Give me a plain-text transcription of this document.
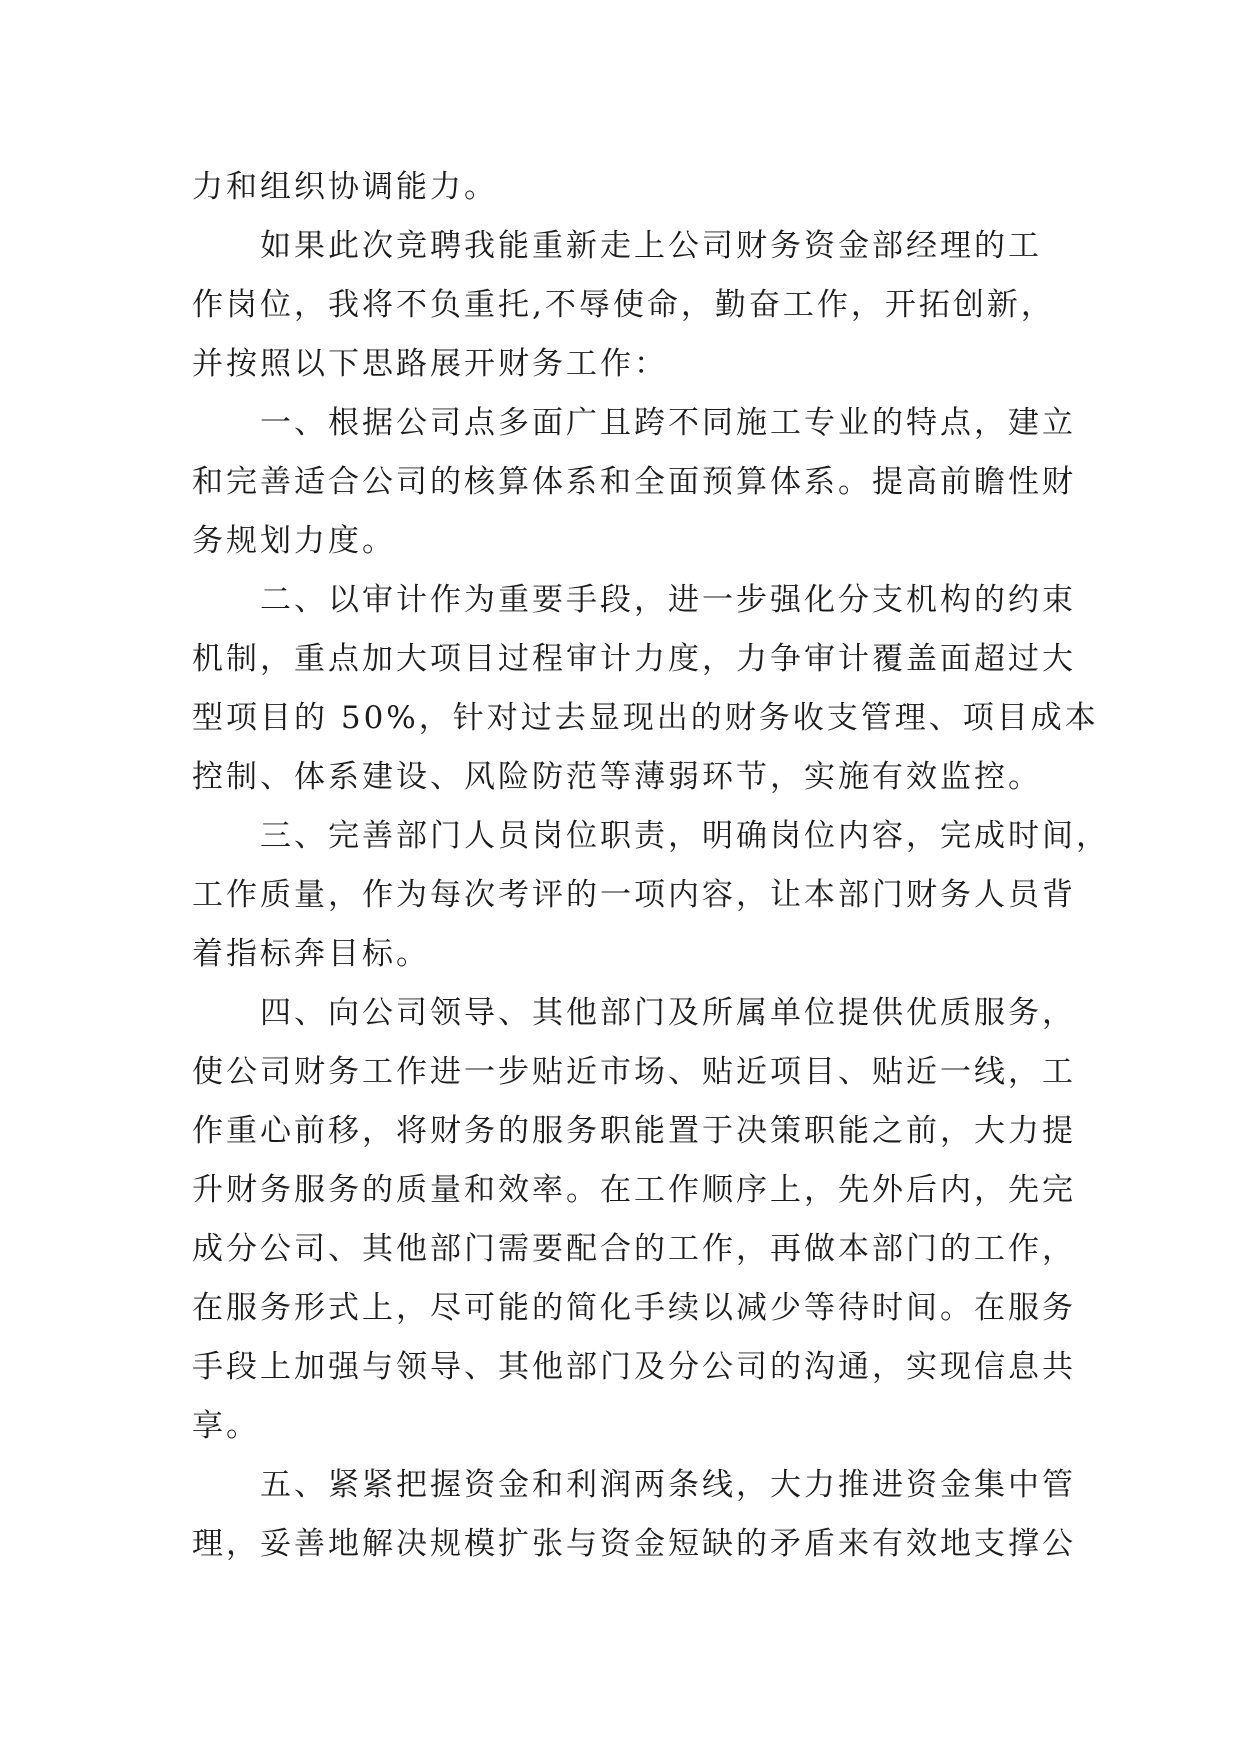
力和组织协调能力。
　　如果此次竞聘我能重新走上公司财务资金部经理的工
作岗位，我将不负重托,不辱使命，勤奋工作，开拓创新，
并按照以下思路展开财务工作：
　　一、根据公司点多面广且跨不同施工专业的特点，建立
和完善适合公司的核算体系和全面预算体系。提高前瞻性财
务规划力度。
　　二、以审计作为重要手段，进一步强化分支机构的约束
机制，重点加大项目过程审计力度，力争审计覆盖面超过大
型项目的 50%，针对过去显现出的财务收支管理、项目成本
控制、体系建设、风险防范等薄弱环节，实施有效监控。
　　三、完善部门人员岗位职责，明确岗位内容，完成时间，
工作质量，作为每次考评的一项内容，让本部门财务人员背
着指标奔目标。
　　四、向公司领导、其他部门及所属单位提供优质服务，
使公司财务工作进一步贴近市场、贴近项目、贴近一线，工
作重心前移，将财务的服务职能置于决策职能之前，大力提
升财务服务的质量和效率。在工作顺序上，先外后内，先完
成分公司、其他部门需要配合的工作，再做本部门的工作，
在服务形式上，尽可能的简化手续以减少等待时间。在服务
手段上加强与领导、其他部门及分公司的沟通，实现信息共
享。
　　五、紧紧把握资金和利润两条线，大力推进资金集中管
理，妥善地解决规模扩张与资金短缺的矛盾来有效地支撑公
